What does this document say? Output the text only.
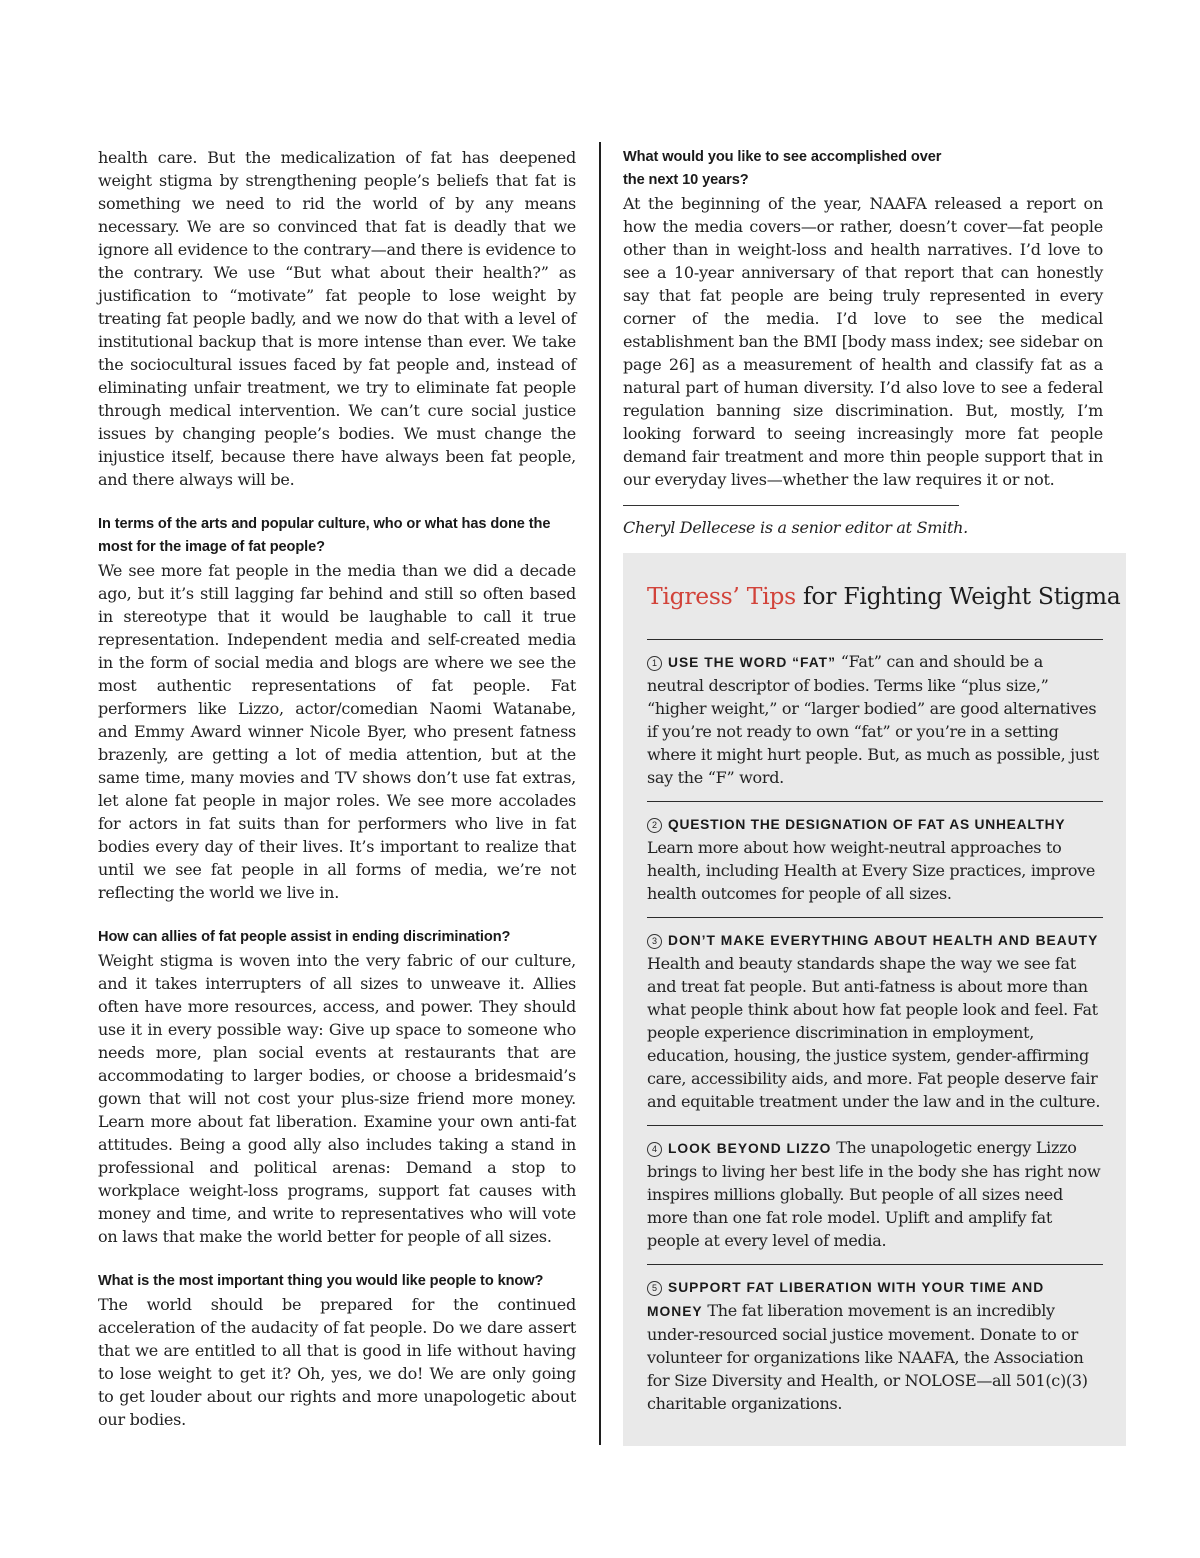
health care. But the medicalization of fat has deepened weight stigma by strengthening people’s beliefs that fat is something we need to rid the world of by any means necessary. We are so convinced that fat is deadly that we ignore all evidence to the contrary—and there is evidence to the contrary. We use “But what about their health?” as justification to “motivate” fat people to lose weight by treating fat people badly, and we now do that with a level of institutional backup that is more intense than ever. We take the sociocultural issues faced by fat people and, instead of eliminating unfair treatment, we try to eliminate fat people through medical intervention. We can’t cure social justice issues by changing people’s bodies. We must change the injustice itself, because there have always been fat people, and there always will be.

In terms of the arts and popular culture, who or what has done the most for the image of fat people?

We see more fat people in the media than we did a decade ago, but it’s still lagging far behind and still so often based in stereotype that it would be laughable to call it true representation. Independent media and self-created media in the form of social media and blogs are where we see the most authentic representations of fat people. Fat performers like Lizzo, actor/comedian Naomi Watanabe, and Emmy Award winner Nicole Byer, who present fatness brazenly, are getting a lot of media attention, but at the same time, many movies and TV shows don’t use fat extras, let alone fat people in major roles. We see more accolades for actors in fat suits than for performers who live in fat bodies every day of their lives. It’s important to realize that until we see fat people in all forms of media, we’re not reflecting the world we live in.

How can allies of fat people assist in ending discrimination?

Weight stigma is woven into the very fabric of our culture, and it takes interrupters of all sizes to unweave it. Allies often have more resources, access, and power. They should use it in every possible way: Give up space to someone who needs more, plan social events at restaurants that are accommodating to larger bodies, or choose a bridesmaid’s gown that will not cost your plus-size friend more money. Learn more about fat liberation. Examine your own anti-fat attitudes. Being a good ally also includes taking a stand in professional and political arenas: Demand a stop to workplace weight-loss programs, support fat causes with money and time, and write to representatives who will vote on laws that make the world better for people of all sizes.

What is the most important thing you would like people to know?

The world should be prepared for the continued acceleration of the audacity of fat people. Do we dare assert that we are entitled to all that is good in life without having to lose weight to get it? Oh, yes, we do! We are only going to get louder about our rights and more unapologetic about our bodies.

What would you like to see accomplished over the next 10 years?

At the beginning of the year, NAAFA released a report on how the media covers—or rather, doesn’t cover—fat people other than in weight-loss and health narratives. I’d love to see a 10-year anniversary of that report that can honestly say that fat people are being truly represented in every corner of the media. I’d love to see the medical establishment ban the BMI [body mass index; see sidebar on page 26] as a measurement of health and classify fat as a natural part of human diversity. I’d also love to see a federal regulation banning size discrimination. But, mostly, I’m looking forward to seeing increasingly more fat people demand fair treatment and more thin people support that in our everyday lives—whether the law requires it or not.

Cheryl Dellecese is a senior editor at Smith.

Tigress’ Tips for Fighting Weight Stigma

1 USE THE WORD “FAT” “Fat” can and should be a neutral descriptor of bodies. Terms like “plus size,” “higher weight,” or “larger bodied” are good alternatives if you’re not ready to own “fat” or you’re in a setting where it might hurt people. But, as much as possible, just say the “F” word.

2 QUESTION THE DESIGNATION OF FAT AS UNHEALTHY Learn more about how weight-neutral approaches to health, including Health at Every Size practices, improve health outcomes for people of all sizes.

3 DON’T MAKE EVERYTHING ABOUT HEALTH AND BEAUTY Health and beauty standards shape the way we see fat and treat fat people. But anti-fatness is about more than what people think about how fat people look and feel. Fat people experience discrimination in employment, education, housing, the justice system, gender-affirming care, accessibility aids, and more. Fat people deserve fair and equitable treatment under the law and in the culture.

4 LOOK BEYOND LIZZO The unapologetic energy Lizzo brings to living her best life in the body she has right now inspires millions globally. But people of all sizes need more than one fat role model. Uplift and amplify fat people at every level of media.

5 SUPPORT FAT LIBERATION WITH YOUR TIME AND MONEY The fat liberation movement is an incredibly under-resourced social justice movement. Donate to or volunteer for organizations like NAAFA, the Association for Size Diversity and Health, or NOLOSE—all 501(c)(3) charitable organizations.
